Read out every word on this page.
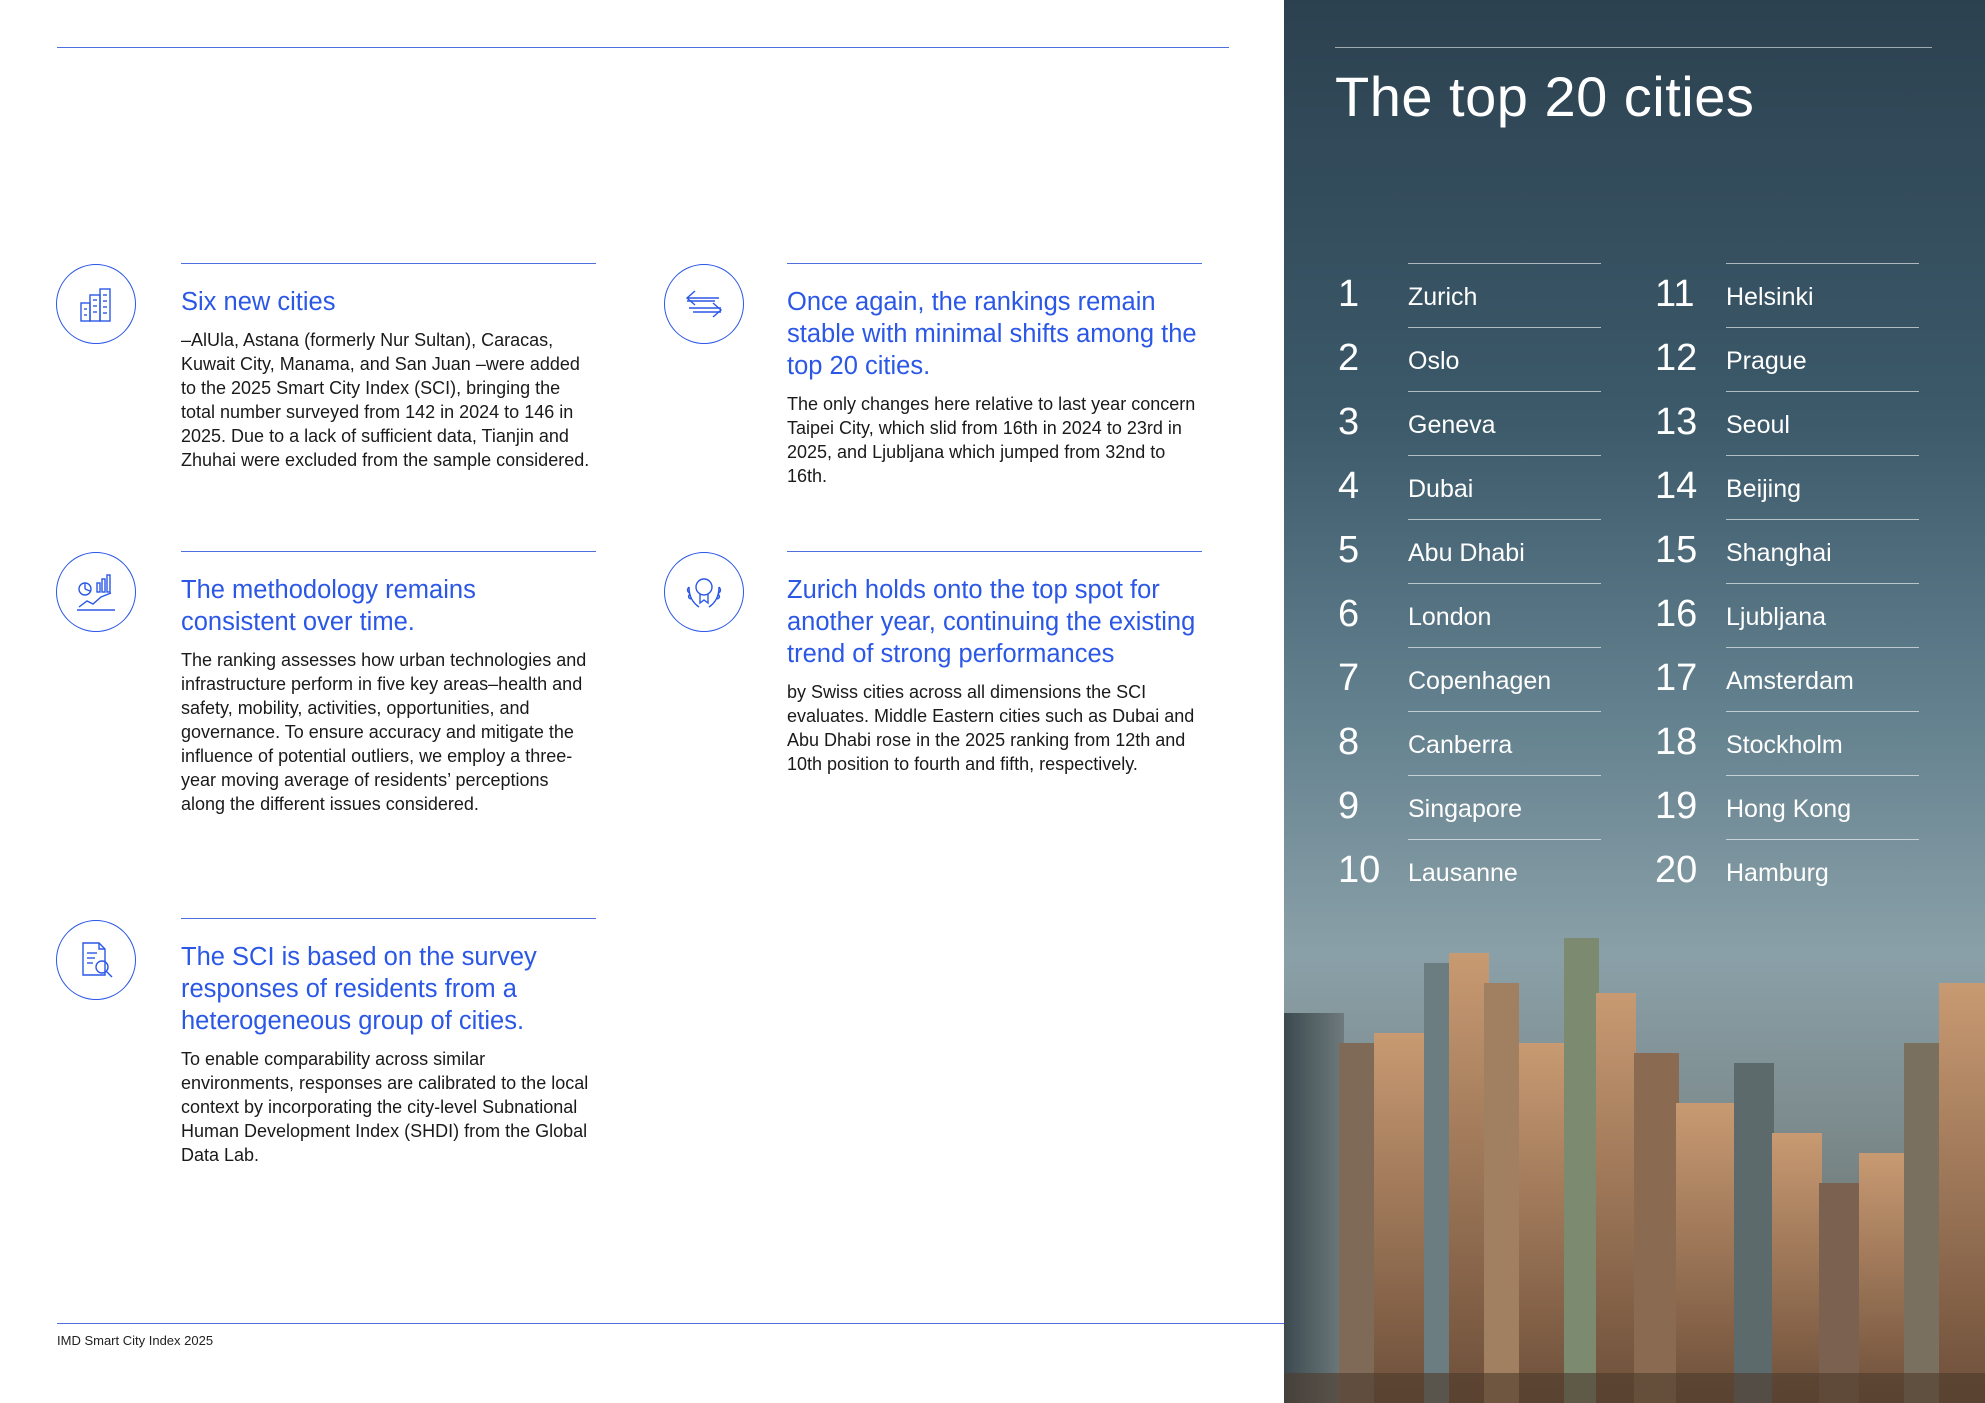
Six new cities

–AlUla, Astana (formerly Nur Sultan), Caracas, Kuwait City, Manama, and San Juan –were added to the 2025 Smart City Index (SCI), bringing the total number surveyed from 142 in 2024 to 146 in 2025. Due to a lack of sufficient data, Tianjin and Zhuhai were excluded from the sample considered.

Once again, the rankings remain stable with minimal shifts among the top 20 cities.

The only changes here relative to last year concern Taipei City, which slid from 16th in 2024 to 23rd in 2025, and Ljubljana which jumped from 32nd to 16th.

The methodology remains consistent over time.

The ranking assesses how urban technologies and infrastructure perform in five key areas–health and safety, mobility, activities, opportunities, and governance. To ensure accuracy and mitigate the influence of potential outliers, we employ a three-year moving average of residents’ perceptions along the different issues considered.

Zurich holds onto the top spot for another year, continuing the existing trend of strong performances

by Swiss cities across all dimensions the SCI evaluates. Middle Eastern cities such as Dubai and Abu Dhabi rose in the 2025 ranking from 12th and 10th position to fourth and fifth, respectively.

The SCI is based on the survey responses of residents from a heterogeneous group of cities.

To enable comparability across similar environments, responses are calibrated to the local context by incorporating the city-level Subnational Human Development Index (SHDI) from the Global Data Lab.

IMD Smart City Index 2025
The top 20 cities
1 Zurich
2 Oslo
3 Geneva
4 Dubai
5 Abu Dhabi
6 London
7 Copenhagen
8 Canberra
9 Singapore
10 Lausanne
11 Helsinki
12 Prague
13 Seoul
14 Beijing
15 Shanghai
16 Ljubljana
17 Amsterdam
18 Stockholm
19 Hong Kong
20 Hamburg
